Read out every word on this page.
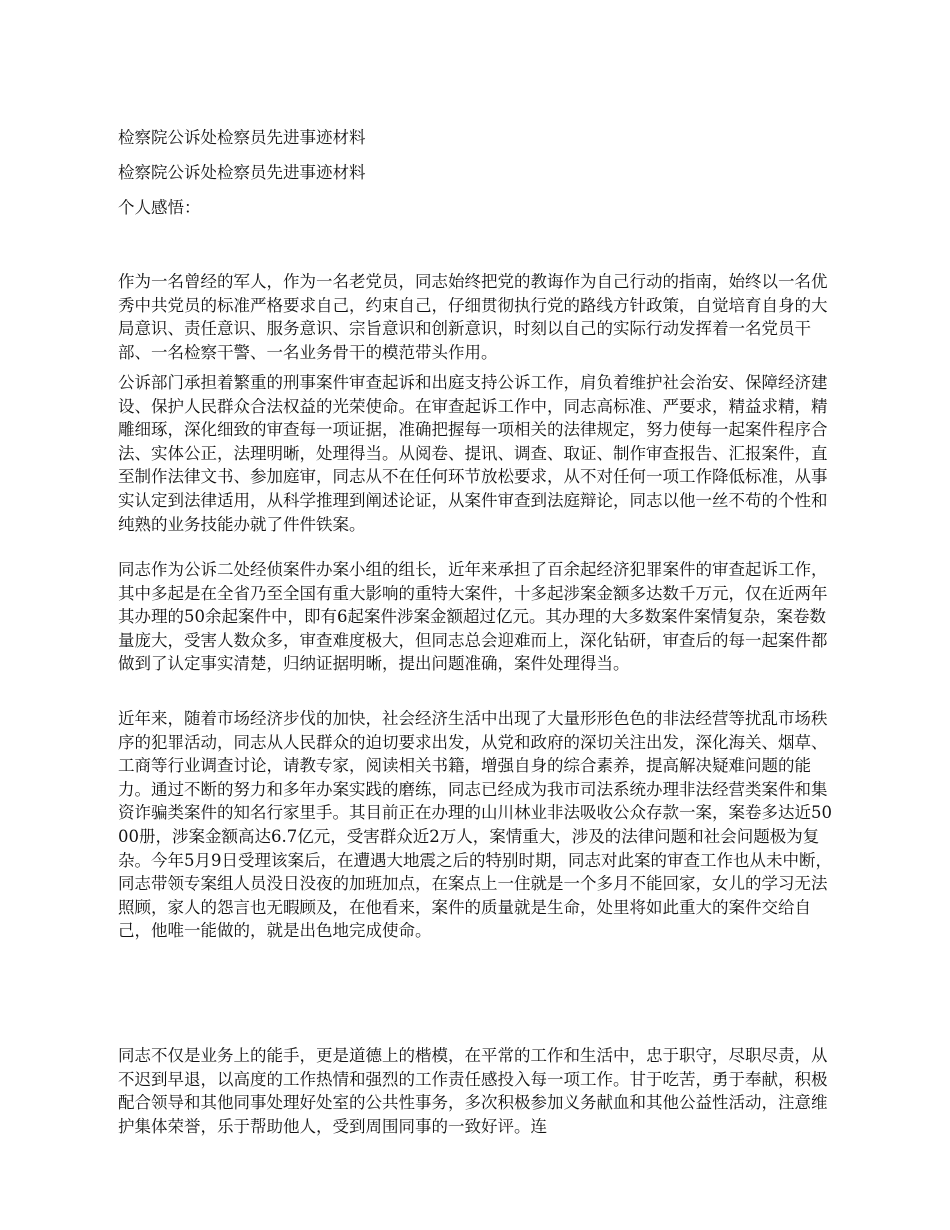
检察院公诉处检察员先进事迹材料

检察院公诉处检察员先进事迹材料

个人感悟：

作为一名曾经的军人，作为一名老党员，同志始终把党的教诲作为自己行动的指南，始终以一名优秀中共党员的标准严格要求自己，约束自己，仔细贯彻执行党的路线方针政策，自觉培育自身的大局意识、责任意识、服务意识、宗旨意识和创新意识，时刻以自己的实际行动发挥着一名党员干部、一名检察干警、一名业务骨干的模范带头作用。

公诉部门承担着繁重的刑事案件审查起诉和出庭支持公诉工作，肩负着维护社会治安、保障经济建设、保护人民群众合法权益的光荣使命。在审查起诉工作中，同志高标准、严要求，精益求精，精雕细琢，深化细致的审查每一项证据，准确把握每一项相关的法律规定，努力使每一起案件程序合法、实体公正，法理明晰，处理得当。从阅卷、提讯、调查、取证、制作审查报告、汇报案件，直至制作法律文书、参加庭审，同志从不在任何环节放松要求，从不对任何一项工作降低标准，从事实认定到法律适用，从科学推理到阐述论证，从案件审查到法庭辩论，同志以他一丝不苟的个性和纯熟的业务技能办就了件件铁案。

同志作为公诉二处经侦案件办案小组的组长，近年来承担了百余起经济犯罪案件的审查起诉工作，其中多起是在全省乃至全国有重大影响的重特大案件，十多起涉案金额多达数千万元，仅在近两年其办理的50余起案件中，即有6起案件涉案金额超过亿元。其办理的大多数案件案情复杂，案卷数量庞大，受害人数众多，审查难度极大，但同志总会迎难而上，深化钻研，审查后的每一起案件都做到了认定事实清楚，归纳证据明晰，提出问题准确，案件处理得当。

近年来，随着市场经济步伐的加快，社会经济生活中出现了大量形形色色的非法经营等扰乱市场秩序的犯罪活动，同志从人民群众的迫切要求出发，从党和政府的深切关注出发，深化海关、烟草、工商等行业调查讨论，请教专家，阅读相关书籍，增强自身的综合素养，提高解决疑难问题的能力。通过不断的努力和多年办案实践的磨练，同志已经成为我市司法系统办理非法经营类案件和集资诈骗类案件的知名行家里手。其目前正在办理的山川林业非法吸收公众存款一案，案卷多达近5000册，涉案金额高达6.7亿元，受害群众近2万人，案情重大，涉及的法律问题和社会问题极为复杂。今年5月9日受理该案后，在遭遇大地震之后的特别时期，同志对此案的审查工作也从未中断，同志带领专案组人员没日没夜的加班加点，在案点上一住就是一个多月不能回家，女儿的学习无法照顾，家人的怨言也无暇顾及，在他看来，案件的质量就是生命，处里将如此重大的案件交给自己，他唯一能做的，就是出色地完成使命。

同志不仅是业务上的能手，更是道德上的楷模，在平常的工作和生活中，忠于职守，尽职尽责，从不迟到早退，以高度的工作热情和强烈的工作责任感投入每一项工作。甘于吃苦，勇于奉献，积极配合领导和其他同事处理好处室的公共性事务，多次积极参加义务献血和其他公益性活动，注意维护集体荣誉，乐于帮助他人，受到周围同事的一致好评。连
